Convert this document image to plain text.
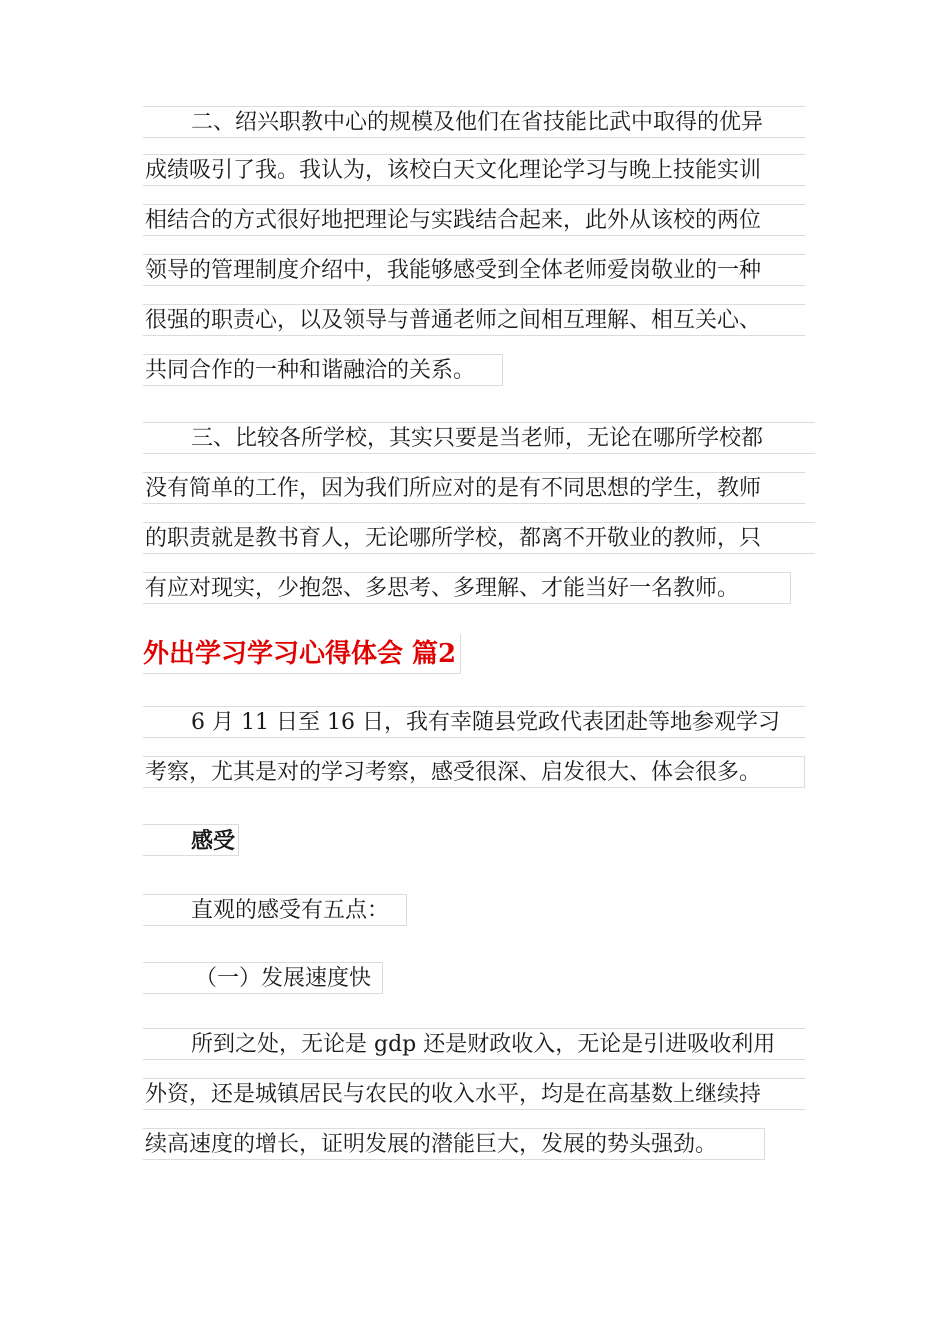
二、绍兴职教中心的规模及他们在省技能比武中取得的优异
成绩吸引了我。我认为，该校白天文化理论学习与晚上技能实训
相结合的方式很好地把理论与实践结合起来，此外从该校的两位
领导的管理制度介绍中，我能够感受到全体老师爱岗敬业的一种
很强的职责心，以及领导与普通老师之间相互理解、相互关心、
共同合作的一种和谐融洽的关系。
三、比较各所学校，其实只要是当老师，无论在哪所学校都
没有简单的工作，因为我们所应对的是有不同思想的学生，教师
的职责就是教书育人，无论哪所学校，都离不开敬业的教师，只
有应对现实，少抱怨、多思考、多理解、才能当好一名教师。
外出学习学习心得体会 篇2
6 月 11 日至 16 日，我有幸随县党政代表团赴等地参观学习
考察，尤其是对的学习考察，感受很深、启发很大、体会很多。
感受
直观的感受有五点：
（一）发展速度快
所到之处，无论是 gdp 还是财政收入，无论是引进吸收利用
外资，还是城镇居民与农民的收入水平，均是在高基数上继续持
续高速度的增长，证明发展的潜能巨大，发展的势头强劲。
